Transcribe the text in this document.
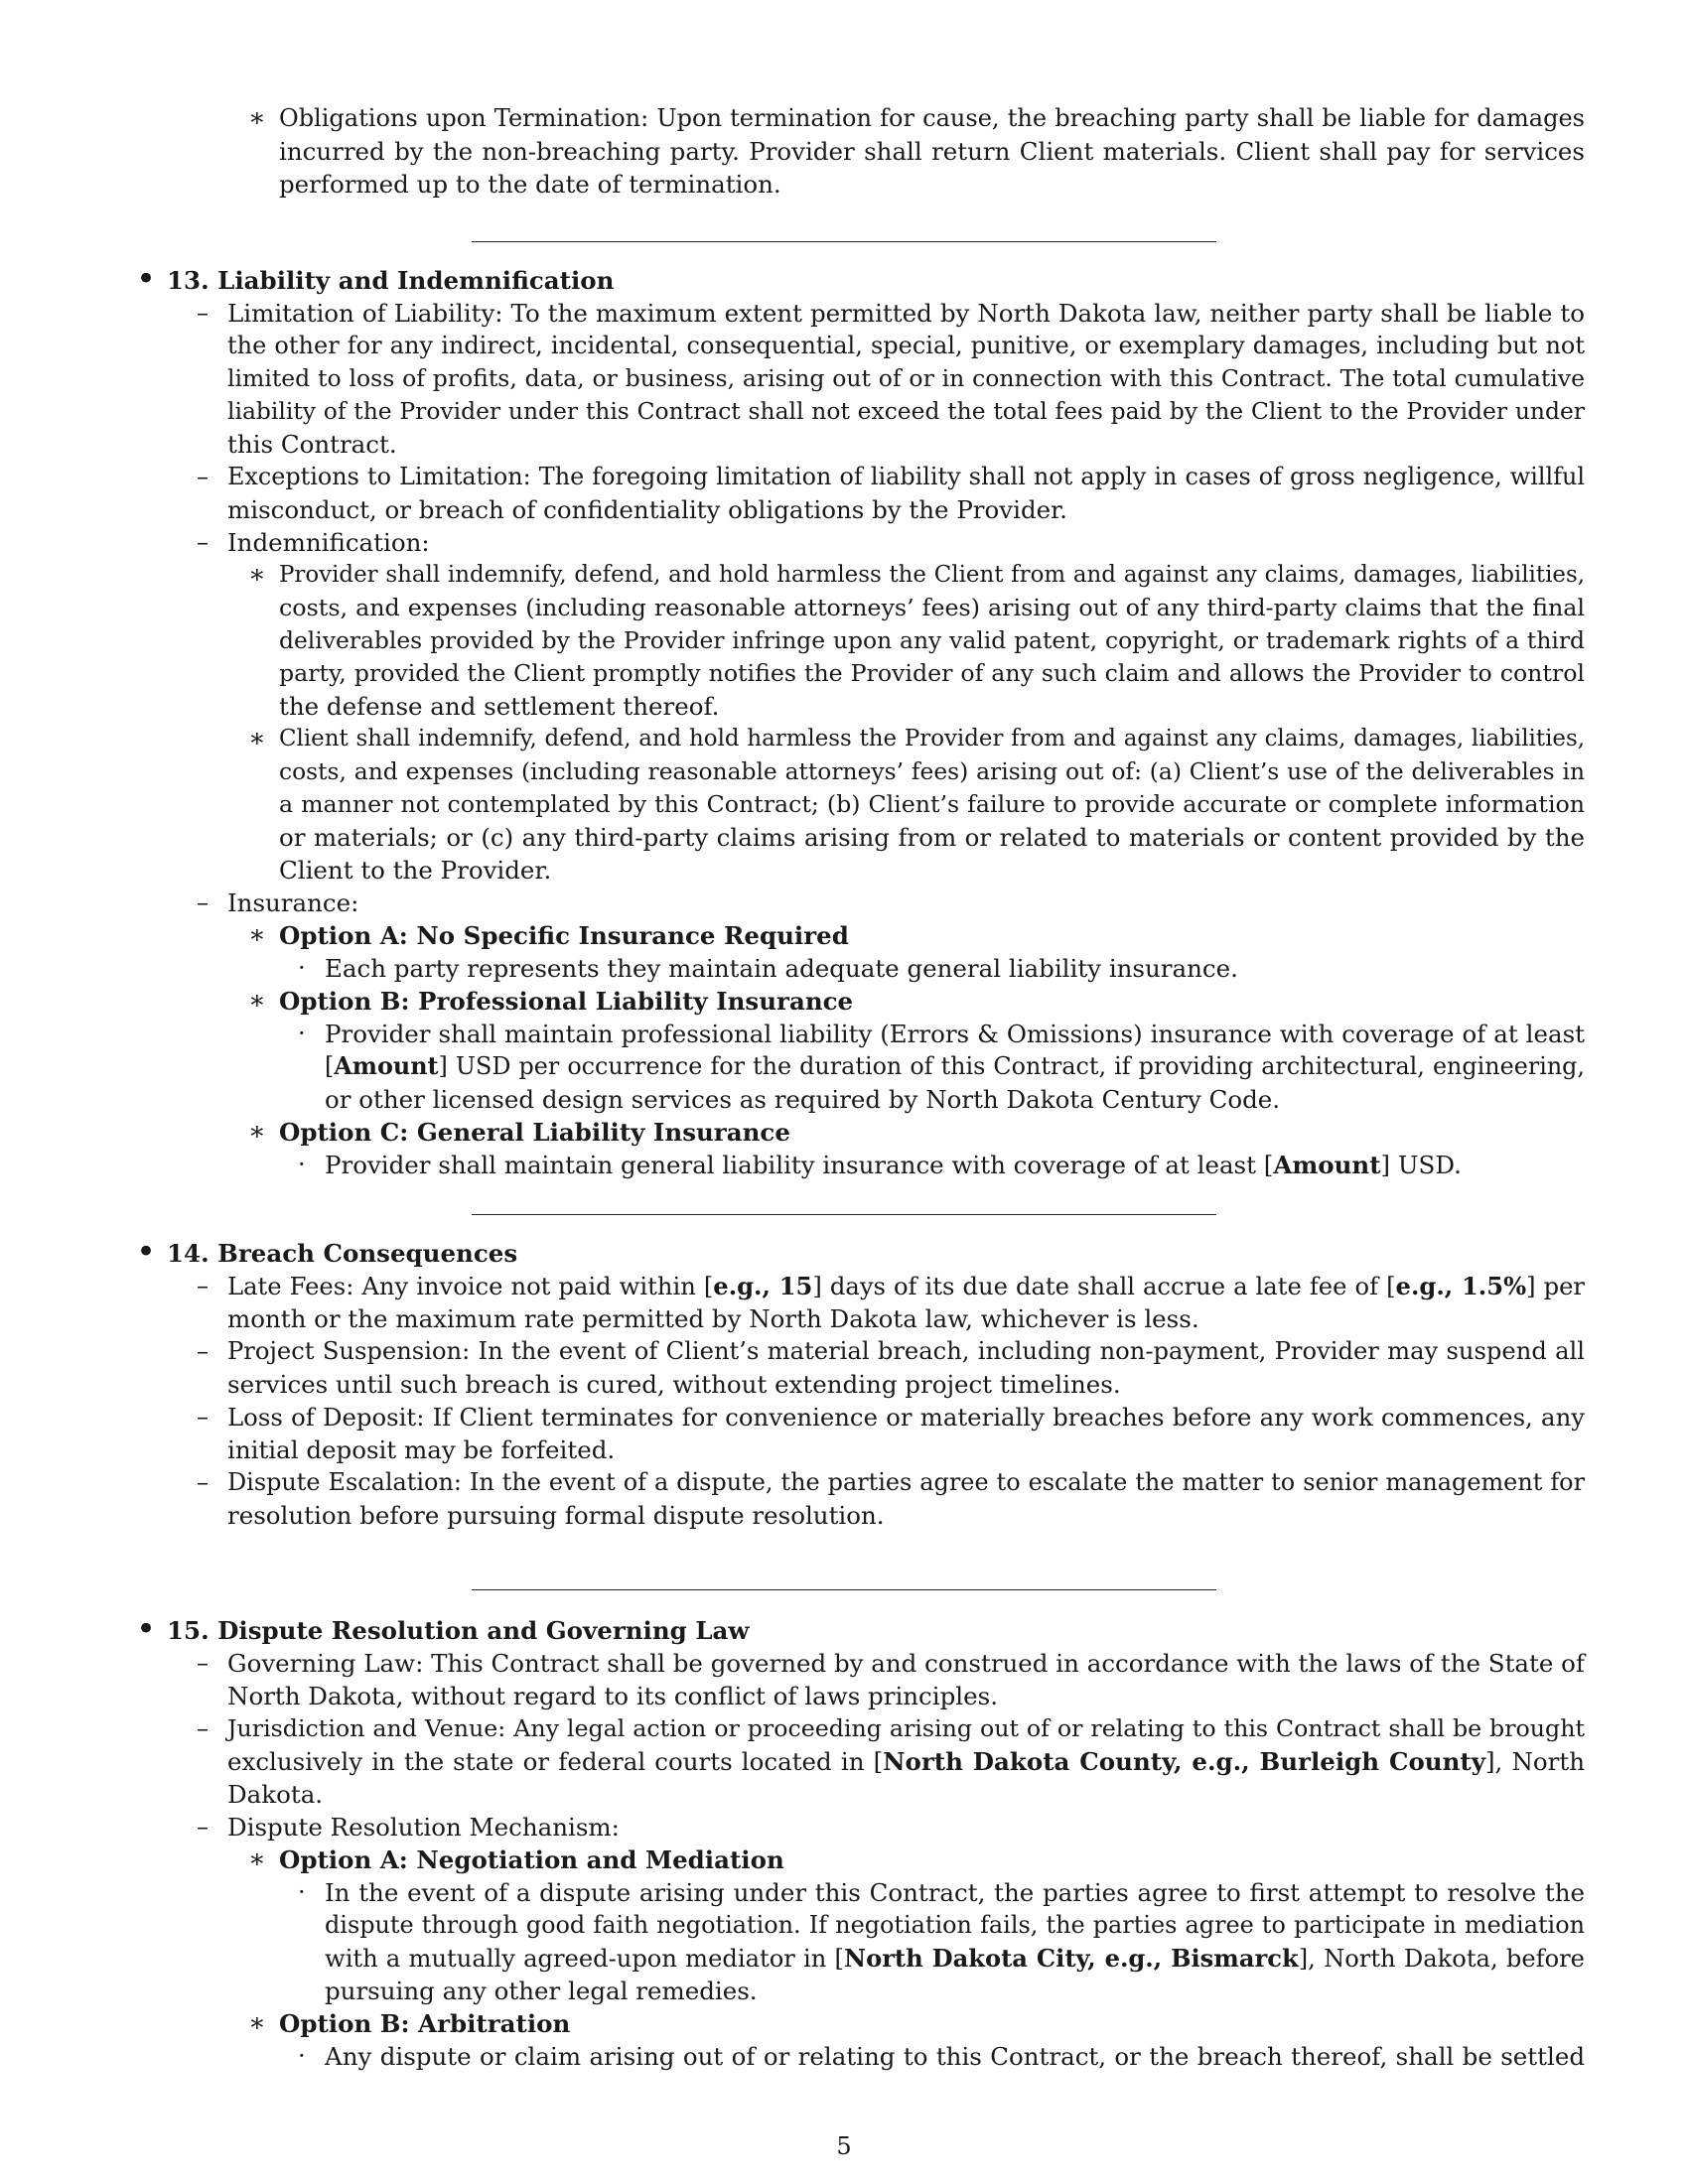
∗ Obligations upon Termination: Upon termination for cause, the breaching party shall be liable for damages

incurred by the non-breaching party. Provider shall return Client materials. Client shall pay for services

performed up to the date of termination.

• 13. Liability and Indemnification

– Limitation of Liability: To the maximum extent permitted by North Dakota law, neither party shall be liable to

the other for any indirect, incidental, consequential, special, punitive, or exemplary damages, including but not

limited to loss of profits, data, or business, arising out of or in connection with this Contract. The total cumulative

liability of the Provider under this Contract shall not exceed the total fees paid by the Client to the Provider under

this Contract.

– Exceptions to Limitation: The foregoing limitation of liability shall not apply in cases of gross negligence, willful

misconduct, or breach of confidentiality obligations by the Provider.

– Indemnification:

∗ Provider shall indemnify, defend, and hold harmless the Client from and against any claims, damages, liabilities,

costs, and expenses (including reasonable attorneys’ fees) arising out of any third-party claims that the final

deliverables provided by the Provider infringe upon any valid patent, copyright, or trademark rights of a third

party, provided the Client promptly notifies the Provider of any such claim and allows the Provider to control

the defense and settlement thereof.

∗ Client shall indemnify, defend, and hold harmless the Provider from and against any claims, damages, liabilities,

costs, and expenses (including reasonable attorneys’ fees) arising out of: (a) Client’s use of the deliverables in

a manner not contemplated by this Contract; (b) Client’s failure to provide accurate or complete information

or materials; or (c) any third-party claims arising from or related to materials or content provided by the

Client to the Provider.

– Insurance:

∗ Option A: No Specific Insurance Required

· Each party represents they maintain adequate general liability insurance.

∗ Option B: Professional Liability Insurance

· Provider shall maintain professional liability (Errors & Omissions) insurance with coverage of at least

[Amount] USD per occurrence for the duration of this Contract, if providing architectural, engineering,

or other licensed design services as required by North Dakota Century Code.

∗ Option C: General Liability Insurance

· Provider shall maintain general liability insurance with coverage of at least [Amount] USD.

• 14. Breach Consequences

– Late Fees: Any invoice not paid within [e.g., 15] days of its due date shall accrue a late fee of [e.g., 1.5%] per

month or the maximum rate permitted by North Dakota law, whichever is less.

– Project Suspension: In the event of Client’s material breach, including non-payment, Provider may suspend all

services until such breach is cured, without extending project timelines.

– Loss of Deposit: If Client terminates for convenience or materially breaches before any work commences, any

initial deposit may be forfeited.

– Dispute Escalation: In the event of a dispute, the parties agree to escalate the matter to senior management for

resolution before pursuing formal dispute resolution.

• 15. Dispute Resolution and Governing Law

– Governing Law: This Contract shall be governed by and construed in accordance with the laws of the State of

North Dakota, without regard to its conflict of laws principles.

– Jurisdiction and Venue: Any legal action or proceeding arising out of or relating to this Contract shall be brought

exclusively in the state or federal courts located in [North Dakota County, e.g., Burleigh County], North

Dakota.

– Dispute Resolution Mechanism:

∗ Option A: Negotiation and Mediation

· In the event of a dispute arising under this Contract, the parties agree to first attempt to resolve the

dispute through good faith negotiation. If negotiation fails, the parties agree to participate in mediation

with a mutually agreed-upon mediator in [North Dakota City, e.g., Bismarck], North Dakota, before

pursuing any other legal remedies.

∗ Option B: Arbitration

· Any dispute or claim arising out of or relating to this Contract, or the breach thereof, shall be settled

5
